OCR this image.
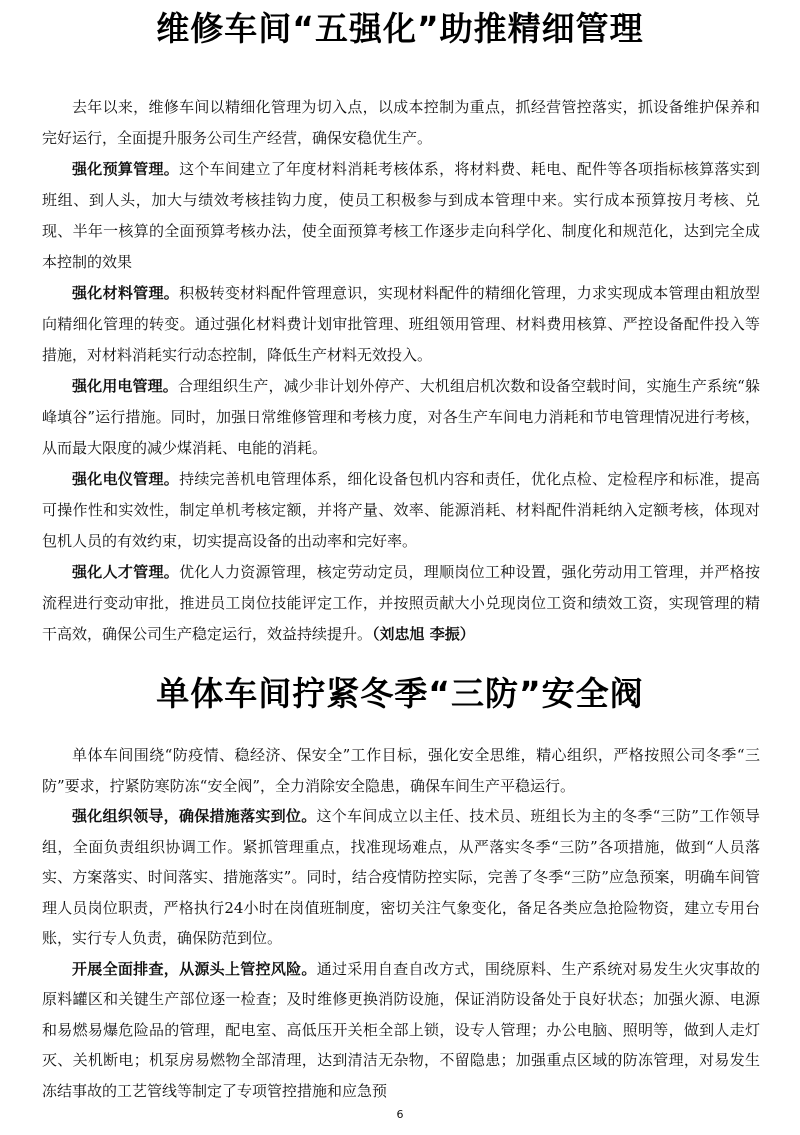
维修车间“五强化”助推精细管理

去年以来，维修车间以精细化管理为切入点，以成本控制为重点，抓经营管控落实，抓设备维护保养和完好运行，全面提升服务公司生产经营，确保安稳优生产。

强化预算管理。这个车间建立了年度材料消耗考核体系，将材料费、耗电、配件等各项指标核算落实到班组、到人头，加大与绩效考核挂钩力度，使员工积极参与到成本管理中来。实行成本预算按月考核、兑现、半年一核算的全面预算考核办法，使全面预算考核工作逐步走向科学化、制度化和规范化，达到完全成本控制的效果

强化材料管理。积极转变材料配件管理意识，实现材料配件的精细化管理，力求实现成本管理由粗放型向精细化管理的转变。通过强化材料费计划审批管理、班组领用管理、材料费用核算、严控设备配件投入等措施，对材料消耗实行动态控制，降低生产材料无效投入。

强化用电管理。合理组织生产，减少非计划外停产、大机组启机次数和设备空载时间，实施生产系统“躲峰填谷”运行措施。同时，加强日常维修管理和考核力度，对各生产车间电力消耗和节电管理情况进行考核，从而最大限度的减少煤消耗、电能的消耗。

强化电仪管理。持续完善机电管理体系，细化设备包机内容和责任，优化点检、定检程序和标准，提高可操作性和实效性，制定单机考核定额，并将产量、效率、能源消耗、材料配件消耗纳入定额考核，体现对包机人员的有效约束，切实提高设备的出动率和完好率。

强化人才管理。优化人力资源管理，核定劳动定员，理顺岗位工种设置，强化劳动用工管理，并严格按流程进行变动审批，推进员工岗位技能评定工作，并按照贡献大小兑现岗位工资和绩效工资，实现管理的精干高效，确保公司生产稳定运行，效益持续提升。（刘忠旭 李振）

单体车间拧紧冬季“三防”安全阀

单体车间围绕“防疫情、稳经济、保安全”工作目标，强化安全思维，精心组织，严格按照公司冬季“三防”要求，拧紧防寒防冻“安全阀”，全力消除安全隐患，确保车间生产平稳运行。

强化组织领导，确保措施落实到位。这个车间成立以主任、技术员、班组长为主的冬季“三防”工作领导组，全面负责组织协调工作。紧抓管理重点，找准现场难点，从严落实冬季“三防”各项措施，做到“人员落实、方案落实、时间落实、措施落实”。同时，结合疫情防控实际，完善了冬季“三防”应急预案，明确车间管理人员岗位职责，严格执行24小时在岗值班制度，密切关注气象变化，备足各类应急抢险物资，建立专用台账，实行专人负责，确保防范到位。

开展全面排查，从源头上管控风险。通过采用自查自改方式，围绕原料、生产系统对易发生火灾事故的原料罐区和关键生产部位逐一检查；及时维修更换消防设施，保证消防设备处于良好状态；加强火源、电源和易燃易爆危险品的管理，配电室、高低压开关柜全部上锁，设专人管理；办公电脑、照明等，做到人走灯灭、关机断电；机泵房易燃物全部清理，达到清洁无杂物，不留隐患；加强重点区域的防冻管理，对易发生冻结事故的工艺管线等制定了专项管控措施和应急预

6
